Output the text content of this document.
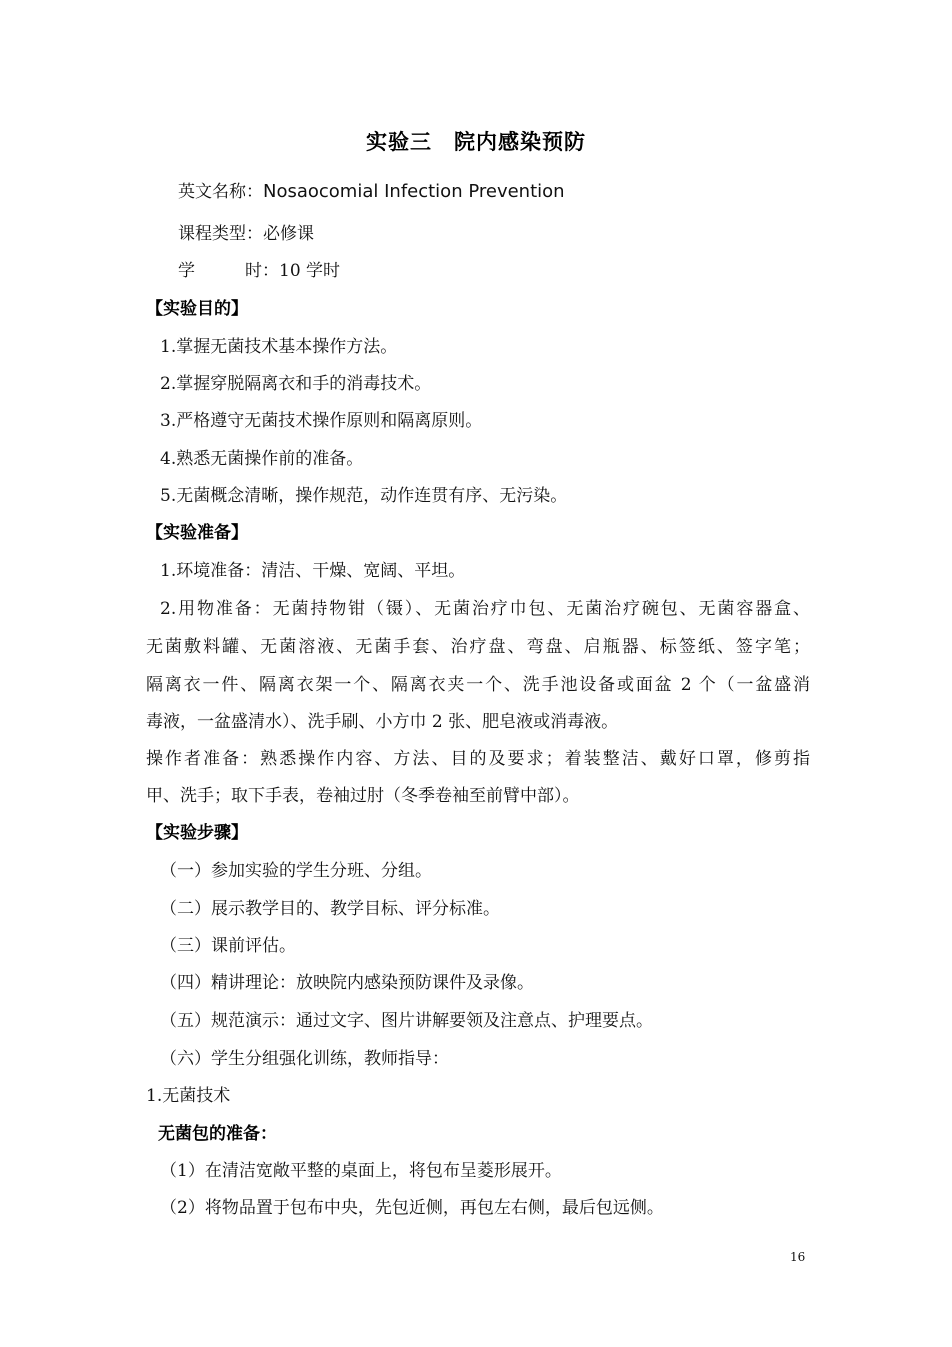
实验三 院内感染预防
英文名称：Nosaocomial Infection Prevention
课程类型：必修课
学	时：10 学时
【实验目的】
1.掌握无菌技术基本操作方法。
2.掌握穿脱隔离衣和手的消毒技术。
3.严格遵守无菌技术操作原则和隔离原则。
4.熟悉无菌操作前的准备。
5.无菌概念清晰，操作规范，动作连贯有序、无污染。
【实验准备】
1.环境准备：清洁、干燥、宽阔、平坦。
2.用物准备：无菌持物钳（镊）、无菌治疗巾包、无菌治疗碗包、无菌容器盒、
无菌敷料罐、无菌溶液、无菌手套、治疗盘、弯盘、启瓶器、标签纸、签字笔；
隔离衣一件、隔离衣架一个、隔离衣夹一个、洗手池设备或面盆 2 个（一盆盛消
毒液，一盆盛清水）、洗手刷、小方巾 2 张、肥皂液或消毒液。
操作者准备：熟悉操作内容、方法、目的及要求；着装整洁、戴好口罩，修剪指
甲、洗手；取下手表，卷袖过肘（冬季卷袖至前臂中部）。
【实验步骤】
（一）参加实验的学生分班、分组。
（二）展示教学目的、教学目标、评分标准。
（三）课前评估。
（四）精讲理论：放映院内感染预防课件及录像。
（五）规范演示：通过文字、图片讲解要领及注意点、护理要点。
（六）学生分组强化训练，教师指导：
1.无菌技术
无菌包的准备：
（1）在清洁宽敞平整的桌面上，将包布呈菱形展开。
（2）将物品置于包布中央，先包近侧，再包左右侧，最后包远侧。
16
